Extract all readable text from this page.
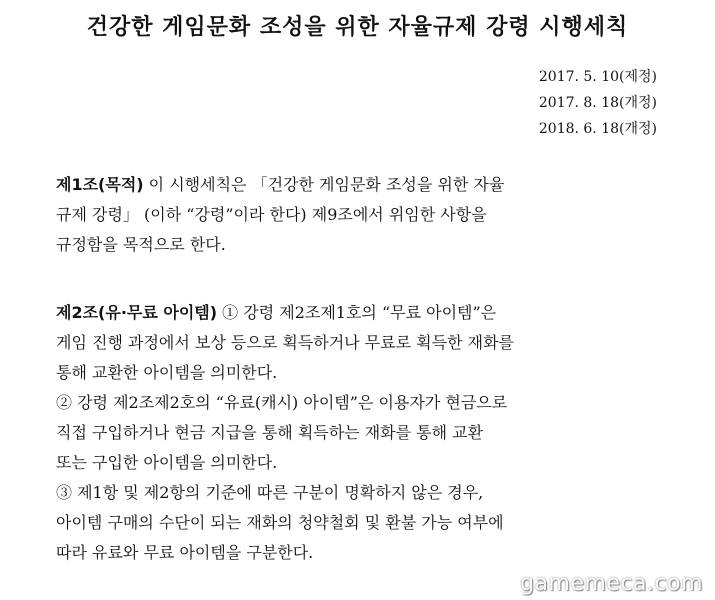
건강한 게임문화 조성을 위한 자율규제 강령 시행세칙
2017. 5. 10(제정)
2017. 8. 18(개정)
2018. 6. 18(개정)
제1조(목적) 이 시행세칙은 「건강한 게임문화 조성을 위한 자율
규제 강령」 (이하 “강령”이라 한다) 제9조에서 위임한 사항을
규정함을 목적으로 한다.
제2조(유·무료 아이템) ① 강령 제2조제1호의 “무료 아이템”은
게임 진행 과정에서 보상 등으로 획득하거나 무료로 획득한 재화를
통해 교환한 아이템을 의미한다.
② 강령 제2조제2호의 “유료(캐시) 아이템”은 이용자가 현금으로
직접 구입하거나 현금 지급을 통해 획득하는 재화를 통해 교환
또는 구입한 아이템을 의미한다.
③ 제1항 및 제2항의 기준에 따른 구분이 명확하지 않은 경우,
아이템 구매의 수단이 되는 재화의 청약철회 및 환불 가능 여부에
따라 유료와 무료 아이템을 구분한다.
gamemeca.com
